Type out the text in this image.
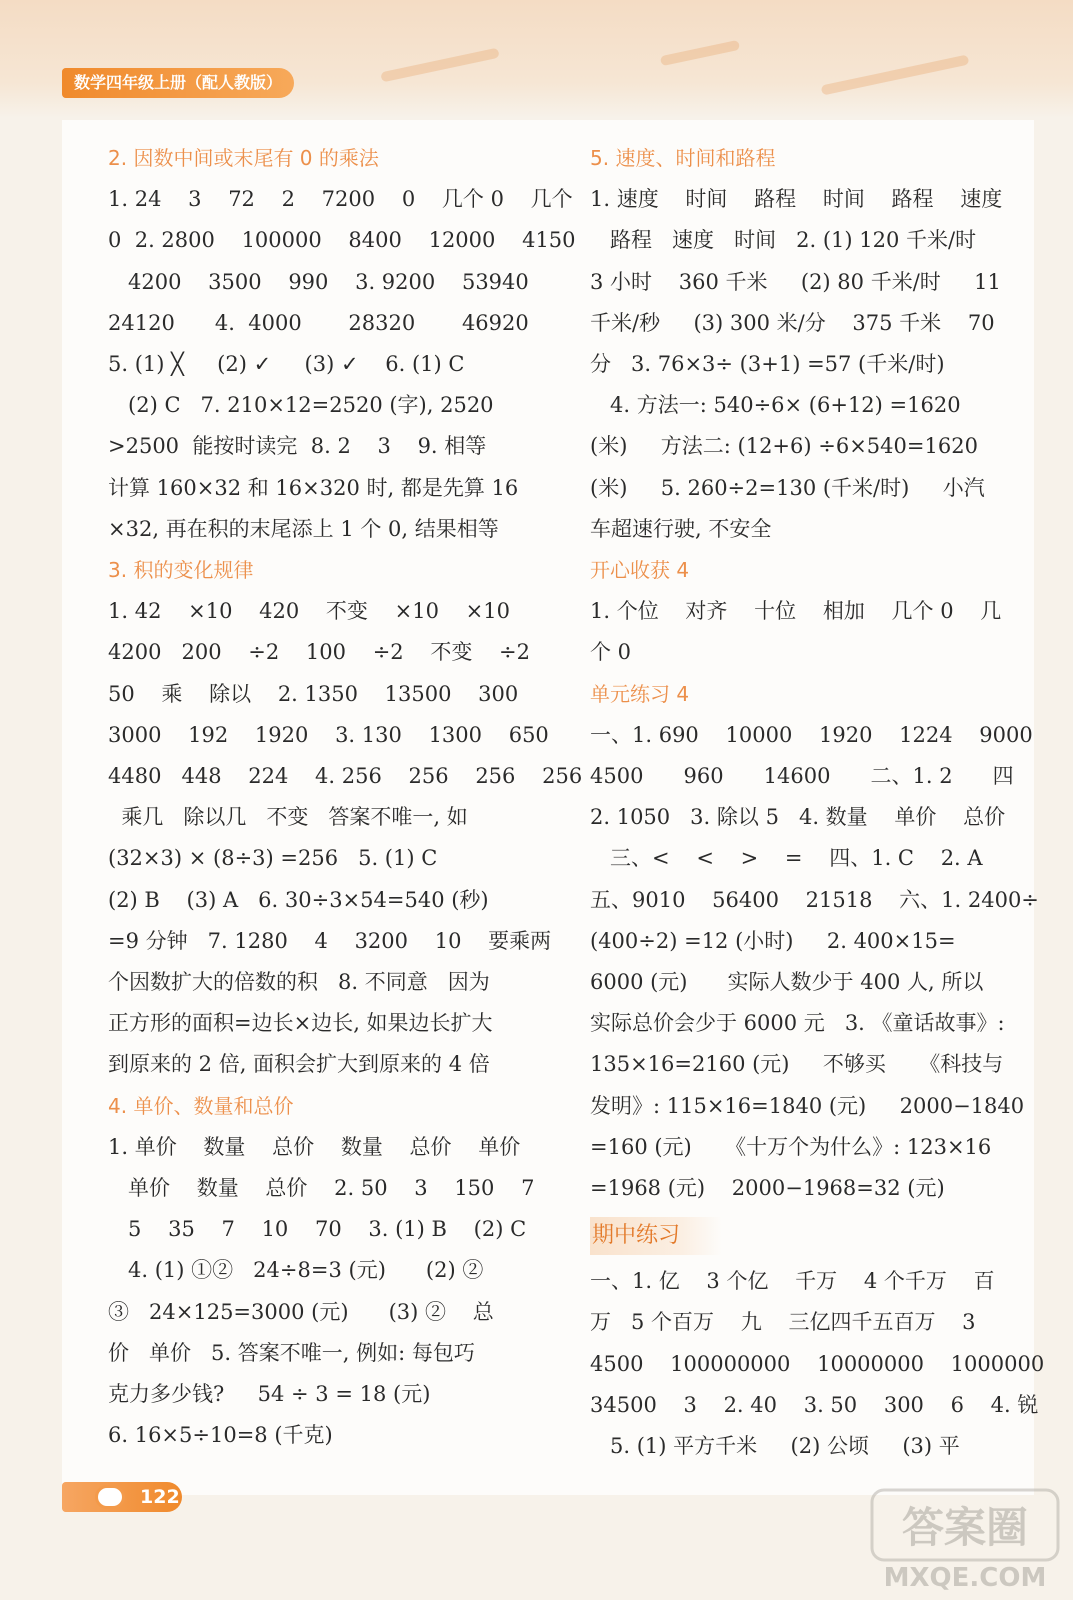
数学四年级上册（配人教版）

2. 因数中间或末尾有 0 的乘法

1. 24    3    72    2    7200    0    几个 0    几个

0  2. 2800    100000    8400    12000    4150

4200    3500    990    3. 9200    53940

24120      4.  4000       28320       46920

5. (1) ╳     (2) ✓     (3) ✓    6. (1) C

(2) C   7. 210×12=2520 (字), 2520

>2500  能按时读完  8. 2    3    9. 相等

计算 160×32 和 16×320 时, 都是先算 16

×32, 再在积的末尾添上 1 个 0, 结果相等

3. 积的变化规律

1. 42    ×10    420    不变    ×10    ×10

4200   200    ÷2    100    ÷2    不变    ÷2

50    乘    除以    2. 1350    13500    300

3000    192    1920    3. 130    1300    650

4480   448    224    4. 256    256    256    256

乘几   除以几   不变   答案不唯一, 如

(32×3) × (8÷3) =256   5. (1) C

(2) B    (3) A   6. 30÷3×54=540 (秒)

=9 分钟   7. 1280    4    3200    10    要乘两

个因数扩大的倍数的积   8. 不同意   因为

正方形的面积=边长×边长, 如果边长扩大

到原来的 2 倍, 面积会扩大到原来的 4 倍

4. 单价、数量和总价

1. 单价    数量    总价    数量    总价    单价

单价    数量    总价    2. 50    3    150    7

5    35    7    10    70    3. (1) B    (2) C

4. (1) ①②   24÷8=3 (元)      (2) ②

③   24×125=3000 (元)      (3) ②    总

价   单价   5. 答案不唯一, 例如: 每包巧

克力多少钱?     54 ÷ 3 = 18 (元)

6. 16×5÷10=8 (千克)

5. 速度、时间和路程

1. 速度    时间    路程    时间    路程    速度

路程   速度   时间   2. (1) 120 千米/时

3 小时    360 千米     (2) 80 千米/时     11

千米/秒     (3) 300 米/分    375 千米    70

分   3. 76×3÷ (3+1) =57 (千米/时)

4. 方法一: 540÷6× (6+12) =1620

(米)     方法二: (12+6) ÷6×540=1620

(米)     5. 260÷2=130 (千米/时)     小汽

车超速行驶, 不安全

开心收获 4

1. 个位    对齐    十位    相加    几个 0    几

个 0

单元练习 4

一、1. 690    10000    1920    1224    9000

4500      960      14600      二、1. 2      四

2. 1050   3. 除以 5   4. 数量    单价    总价

三、<    <    >    =    四、1. C    2. A

五、9010    56400    21518    六、1. 2400÷

(400÷2) =12 (小时)     2. 400×15=

6000 (元)      实际人数少于 400 人, 所以

实际总价会少于 6000 元   3. 《童话故事》:

135×16=2160 (元)     不够买     《科技与

发明》: 115×16=1840 (元)     2000−1840

=160 (元)     《十万个为什么》: 123×16

=1968 (元)    2000−1968=32 (元)

期中练习

一、1. 亿    3 个亿    千万    4 个千万    百

万   5 个百万    九    三亿四千五百万    3

4500    100000000    10000000    1000000

34500    3    2. 40    3. 50    300    6    4. 锐

5. (1) 平方千米     (2) 公顷     (3) 平

122
答案圈
MXQE.COM
